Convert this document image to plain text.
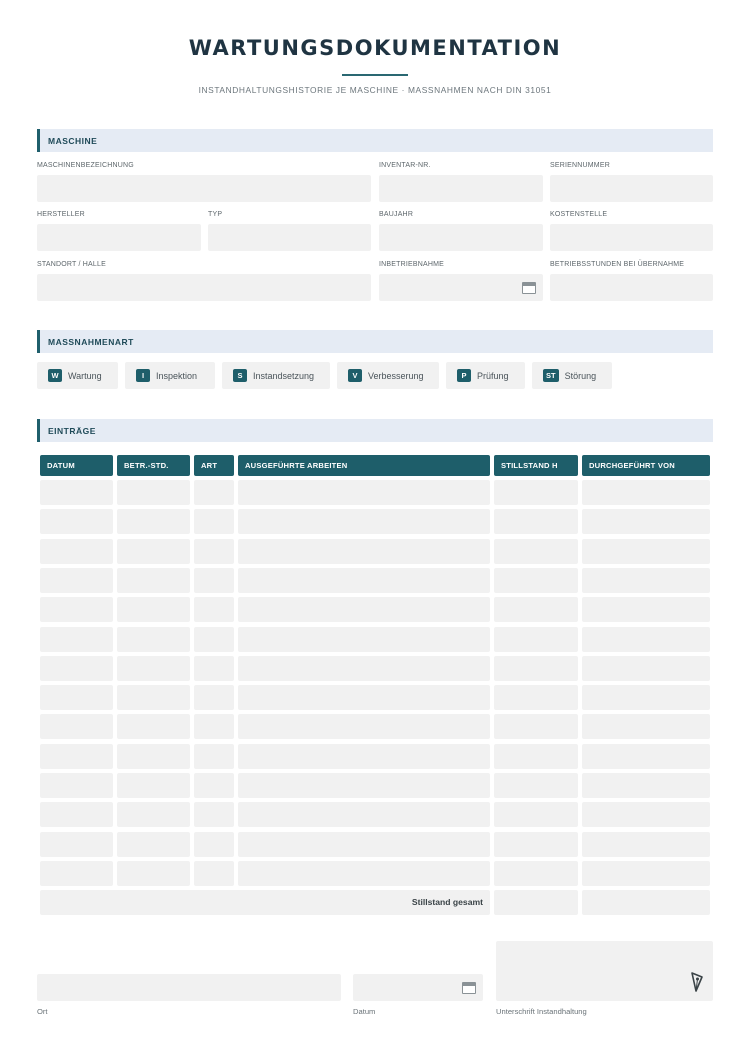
WARTUNGSDOKUMENTATION
INSTANDHALTUNGSHISTORIE JE MASCHINE · MASSNAHMEN NACH DIN 31051
MASCHINE
MASCHINENBEZEICHNUNG	INVENTAR-NR.	SERIENNUMMER
HERSTELLER	TYP	BAUJAHR	KOSTENSTELLE
STANDORT / HALLE	INBETRIEBNAHME	BETRIEBSSTUNDEN BEI ÜBERNAHME
MASSNAHMENART
W	Wartung	I	Inspektion	S	Instandsetzung	V	Verbesserung	P	Prüfung	ST	Störung
EINTRÄGE
DATUM	BETR.-STD.	ART	AUSGEFÜHRTE ARBEITEN	STILLSTAND H	DURCHGEFÜHRT VON
Stillstand gesamt
Ort	Datum	Unterschrift Instandhaltung
